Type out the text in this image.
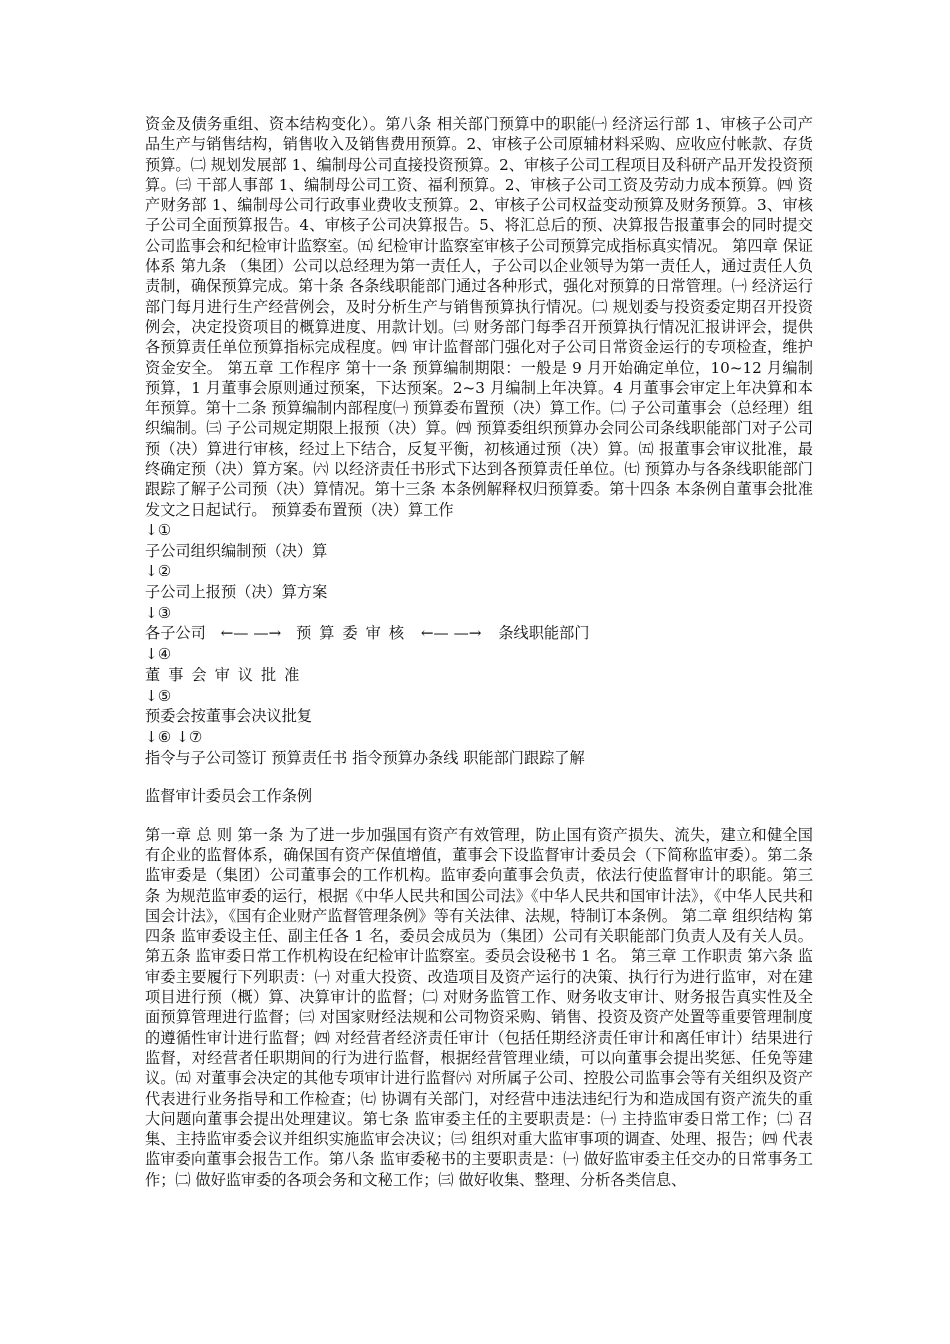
资金及债务重组、资本结构变化）。第八条 相关部门预算中的职能㈠ 经济运行部 1、审核子公司产品生产与销售结构，销售收入及销售费用预算。2、审核子公司原辅材料采购、应收应付帐款、存货预算。㈡ 规划发展部 1、编制母公司直接投资预算。2、审核子公司工程项目及科研产品开发投资预算。㈢ 干部人事部 1、编制母公司工资、福利预算。2、审核子公司工资及劳动力成本预算。㈣ 资产财务部 1、编制母公司行政事业费收支预算。2、审核子公司权益变动预算及财务预算。3、审核子公司全面预算报告。4、审核子公司决算报告。5、将汇总后的预、决算报告报董事会的同时提交公司监事会和纪检审计监察室。㈤ 纪检审计监察室审核子公司预算完成指标真实情况。 第四章 保证体系 第九条 （集团）公司以总经理为第一责任人，子公司以企业领导为第一责任人，通过责任人负责制，确保预算完成。第十条 各条线职能部门通过各种形式，强化对预算的日常管理。㈠ 经济运行部门每月进行生产经营例会，及时分析生产与销售预算执行情况。㈡ 规划委与投资委定期召开投资例会，决定投资项目的概算进度、用款计划。㈢ 财务部门每季召开预算执行情况汇报讲评会，提供各预算责任单位预算指标完成程度。㈣ 审计监督部门强化对子公司日常资金运行的专项检查，维护资金安全。 第五章 工作程序 第十一条 预算编制期限：一般是 9 月开始确定单位，10~12 月编制预算，1 月董事会原则通过预案，下达预案。2~3 月编制上年决算。4 月董事会审定上年决算和本年预算。第十二条 预算编制内部程度㈠ 预算委布置预（决）算工作。㈡ 子公司董事会（总经理）组织编制。㈢ 子公司规定期限上报预（决）算。㈣ 预算委组织预算办会同公司条线职能部门对子公司预（决）算进行审核，经过上下结合，反复平衡，初核通过预（决）算。㈤ 报董事会审议批准，最终确定预（决）算方案。㈥ 以经济责任书形式下达到各预算责任单位。㈦ 预算办与各条线职能部门跟踪了解子公司预（决）算情况。第十三条 本条例解释权归预算委。第十四条 本条例自董事会批准发文之日起试行。 预算委布置预（决）算工作

↓①
子公司组织编制预（决）算
↓②
子公司上报预（决）算方案
↓③
各子公司 ←— —→ 预算委审核 ←— —→ 条线职能部门
↓④
董事会审议批准
↓⑤
预委会按董事会决议批复
↓⑥ ↓⑦
指令与子公司签订 预算责任书 指令预算办条线 职能部门跟踪了解
监督审计委员会工作条例

第一章 总 则 第一条 为了进一步加强国有资产有效管理，防止国有资产损失、流失，建立和健全国有企业的监督体系，确保国有资产保值增值，董事会下设监督审计委员会（下简称监审委）。第二条 监审委是（集团）公司董事会的工作机构。监审委向董事会负责，依法行使监督审计的职能。第三条 为规范监审委的运行，根据《中华人民共和国公司法》《中华人民共和国审计法》，《中华人民共和国会计法》，《国有企业财产监督管理条例》等有关法律、法规，特制订本条例。 第二章 组织结构 第四条 监审委设主任、副主任各 1 名，委员会成员为（集团）公司有关职能部门负责人及有关人员。第五条 监审委日常工作机构设在纪检审计监察室。委员会设秘书 1 名。 第三章 工作职责 第六条 监审委主要履行下列职责：㈠ 对重大投资、改造项目及资产运行的决策、执行行为进行监审，对在建项目进行预（概）算、决算审计的监督；㈡ 对财务监管工作、财务收支审计、财务报告真实性及全面预算管理进行监督；㈢ 对国家财经法规和公司物资采购、销售、投资及资产处置等重要管理制度的遵循性审计进行监督；㈣ 对经营者经济责任审计（包括任期经济责任审计和离任审计）结果进行监督，对经营者任职期间的行为进行监督，根据经营管理业绩，可以向董事会提出奖惩、任免等建议。㈤ 对董事会决定的其他专项审计进行监督㈥ 对所属子公司、控股公司监事会等有关组织及资产代表进行业务指导和工作检查；㈦ 协调有关部门，对经营中违法违纪行为和造成国有资产流失的重大问题向董事会提出处理建议。第七条 监审委主任的主要职责是：㈠ 主持监审委日常工作；㈡ 召集、主持监审委会议并组织实施监审会决议；㈢ 组织对重大监审事项的调查、处理、报告；㈣ 代表监审委向董事会报告工作。第八条 监审委秘书的主要职责是：㈠ 做好监审委主任交办的日常事务工作；㈡ 做好监审委的各项会务和文秘工作；㈢ 做好收集、整理、分析各类信息、
